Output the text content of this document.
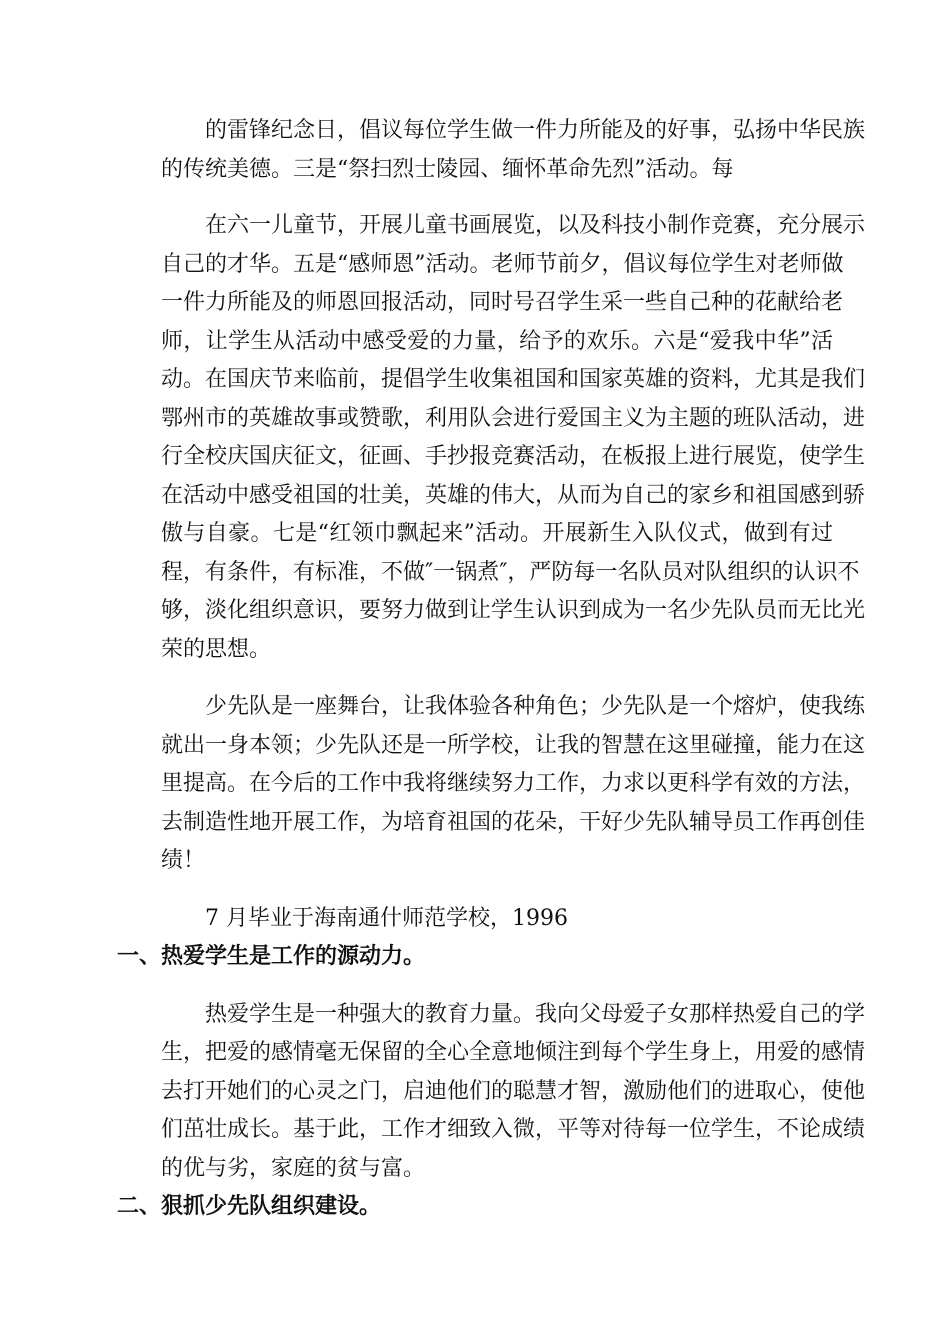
的雷锋纪念日，倡议每位学生做一件力所能及的好事，弘扬中华民族
的传统美德。三是“祭扫烈士陵园、缅怀革命先烈”活动。每
在六一儿童节，开展儿童书画展览，以及科技小制作竞赛，充分展示
自己的才华。五是“感师恩”活动。老师节前夕，倡议每位学生对老师做
一件力所能及的师恩回报活动，同时号召学生采一些自己种的花献给老
师，让学生从活动中感受爱的力量，给予的欢乐。六是“爱我中华”活
动。在国庆节来临前，提倡学生收集祖国和国家英雄的资料，尤其是我们
鄂州市的英雄故事或赞歌，利用队会进行爱国主义为主题的班队活动，进
行全校庆国庆征文，征画、手抄报竞赛活动，在板报上进行展览，使学生
在活动中感受祖国的壮美，英雄的伟大，从而为自己的家乡和祖国感到骄
傲与自豪。七是“红领巾飘起来”活动。开展新生入队仪式，做到有过
程，有条件，有标准，不做″一锅煮″，严防每一名队员对队组织的认识不
够，淡化组织意识，要努力做到让学生认识到成为一名少先队员而无比光
荣的思想。
少先队是一座舞台，让我体验各种角色；少先队是一个熔炉，使我练
就出一身本领；少先队还是一所学校，让我的智慧在这里碰撞，能力在这
里提高。在今后的工作中我将继续努力工作，力求以更科学有效的方法，
去制造性地开展工作，为培育祖国的花朵，干好少先队辅导员工作再创佳
绩！
7 月毕业于海南通什师范学校，1996
一、热爱学生是工作的源动力。
热爱学生是一种强大的教育力量。我向父母爱子女那样热爱自己的学
生，把爱的感情毫无保留的全心全意地倾注到每个学生身上，用爱的感情
去打开她们的心灵之门，启迪他们的聪慧才智，激励他们的进取心，使他
们茁壮成长。基于此，工作才细致入微，平等对待每一位学生，不论成绩
的优与劣，家庭的贫与富。
二、狠抓少先队组织建设。
